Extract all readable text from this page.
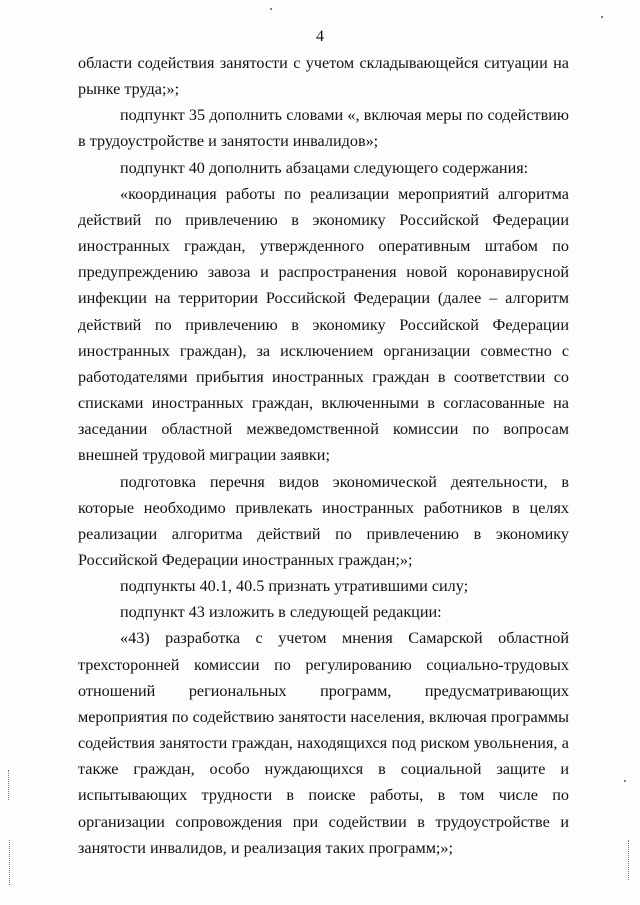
4

области содействия занятости с учетом складывающейся ситуации на рынке труда;»;

подпункт 35 дополнить словами «, включая меры по содействию в трудоустройстве и занятости инвалидов»;

подпункт 40 дополнить абзацами следующего содержания:

«координация работы по реализации мероприятий алгоритма действий по привлечению в экономику Российской Федерации иностранных граждан, утвержденного оперативным штабом по предупреждению завоза и распространения новой коронавирусной инфекции на территории Российской Федерации (далее – алгоритм действий по привлечению в экономику Российской Федерации иностранных граждан), за исключением организации совместно с работодателями прибытия иностранных граждан в соответствии со списками иностранных граждан, включенными в согласованные на заседании областной межведомственной комиссии по вопросам внешней трудовой миграции заявки;

подготовка перечня видов экономической деятельности, в которые необходимо привлекать иностранных работников в целях реализации алгоритма действий по привлечению в экономику Российской Федерации иностранных граждан;»;

подпункты 40.1, 40.5 признать утратившими силу;

подпункт 43 изложить в следующей редакции:

«43) разработка с учетом мнения Самарской областной трехсторонней комиссии по регулированию социально-трудовых отношений региональных программ, предусматривающих мероприятия по содействию занятости населения, включая программы содействия занятости граждан, находящихся под риском увольнения, а также граждан, особо нуждающихся в социальной защите и испытывающих трудности в поиске работы, в том числе по организации сопровождения при содействии в трудоустройстве и занятости инвалидов, и реализация таких программ;»;
